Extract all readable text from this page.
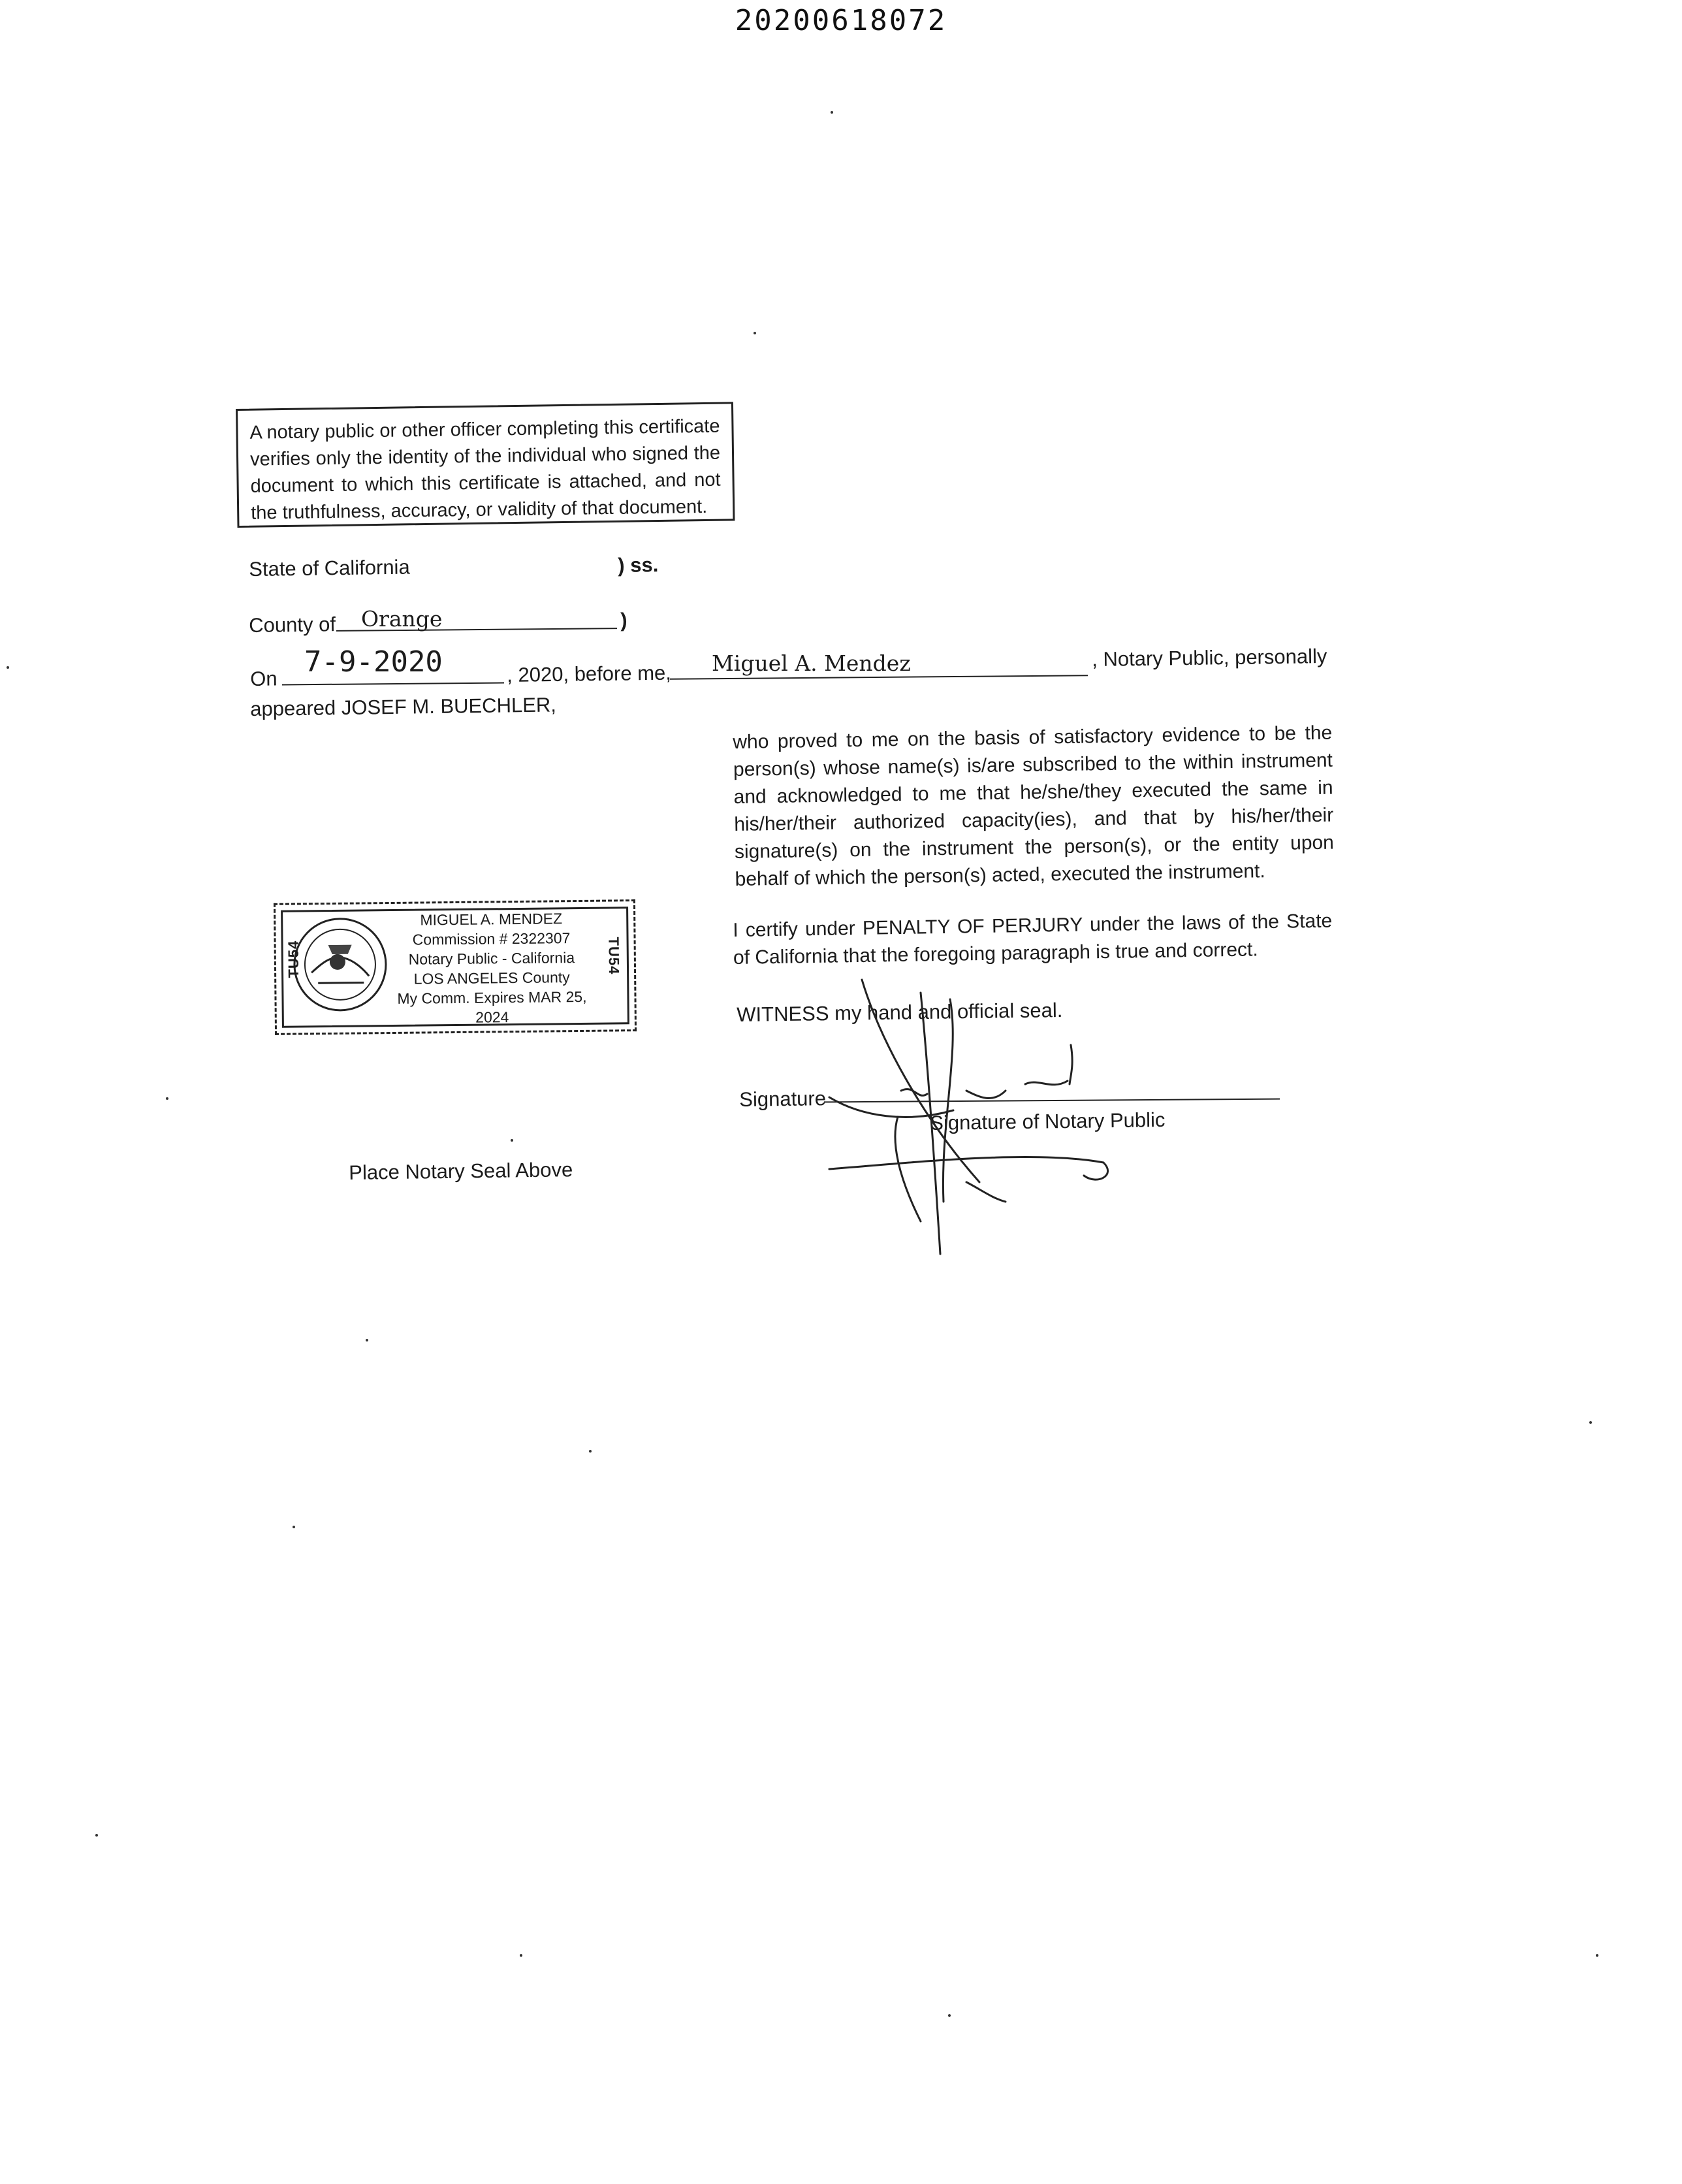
20200618072
A notary public or other officer completing this certificate verifies only the identity of the individual who signed the document to which this certificate is attached, and not the truthfulness, accuracy, or validity of that document.
State of California	) ss.
County of Orange	)
On
7-9-2020	, 2020, before me, Miguel A. Mendez	, Notary Public, personally
appeared JOSEF M. BUECHLER,
who proved to me on the basis of satisfactory evidence to be the person(s) whose name(s) is/are subscribed to the within instrument and acknowledged to me that he/she/they executed the same in his/her/their authorized capacity(ies), and that by his/her/their signature(s) on the instrument the person(s), or the entity upon behalf of which the person(s) acted, executed the instrument.
I certify under PENALTY OF PERJURY under the laws of the State of California that the foregoing paragraph is true and correct.
WITNESS my hand and official seal.
Signature
Signature of Notary Public
TU54	TU54
MIGUEL A. MENDEZ
Commission # 2322307
Notary Public - California
LOS ANGELES County
My Comm. Expires MAR 25, 2024
Place Notary Seal Above
